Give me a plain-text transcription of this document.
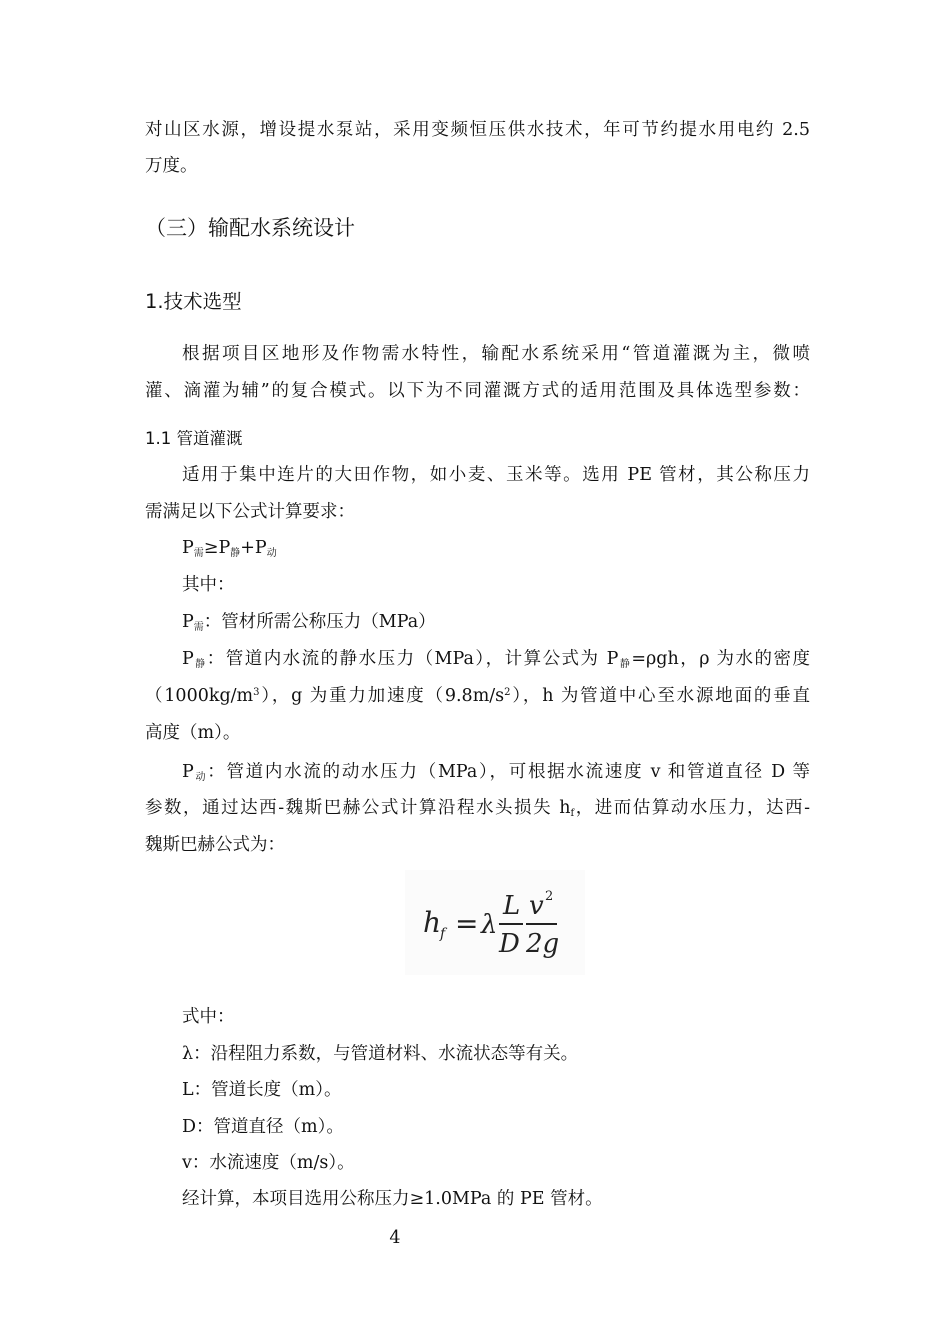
对山区水源，增设提水泵站，采用变频恒压供水技术，年可节约提水用电约 2.5
万度。
（三）输配水系统设计
1.技术选型
根据项目区地形及作物需水特性，输配水系统采用“管道灌溉为主，微喷
灌、滴灌为辅”的复合模式。以下为不同灌溉方式的适用范围及具体选型参数：
1.1 管道灌溉
适用于集中连片的大田作物，如小麦、玉米等。选用 PE 管材，其公称压力
需满足以下公式计算要求：
P需≥P静+P动
其中：
P需：管材所需公称压力（MPa）
P静：管道内水流的静水压力（MPa），计算公式为 P静=ρgh，ρ 为水的密度
$(1000kg/m^3)$，g 为重力加速度$(9.8m/s^2)$，h 为管道中心至水源地面的垂直
高度（m）。
P动：管道内水流的动水压力（MPa），可根据水流速度 v 和管道直径 D 等
参数，通过达西-魏斯巴赫公式计算沿程水头损失 hf，进而估算动水压力，达西-
魏斯巴赫公式为：
h
f = λ
L
D
v 2
2g
式中：
λ：沿程阻力系数，与管道材料、水流状态等有关。
L：管道长度（m）。
D：管道直径（m）。
v：水流速度（m/s）。
经计算，本项目选用公称压力≥1.0MPa 的 PE 管材。
4
